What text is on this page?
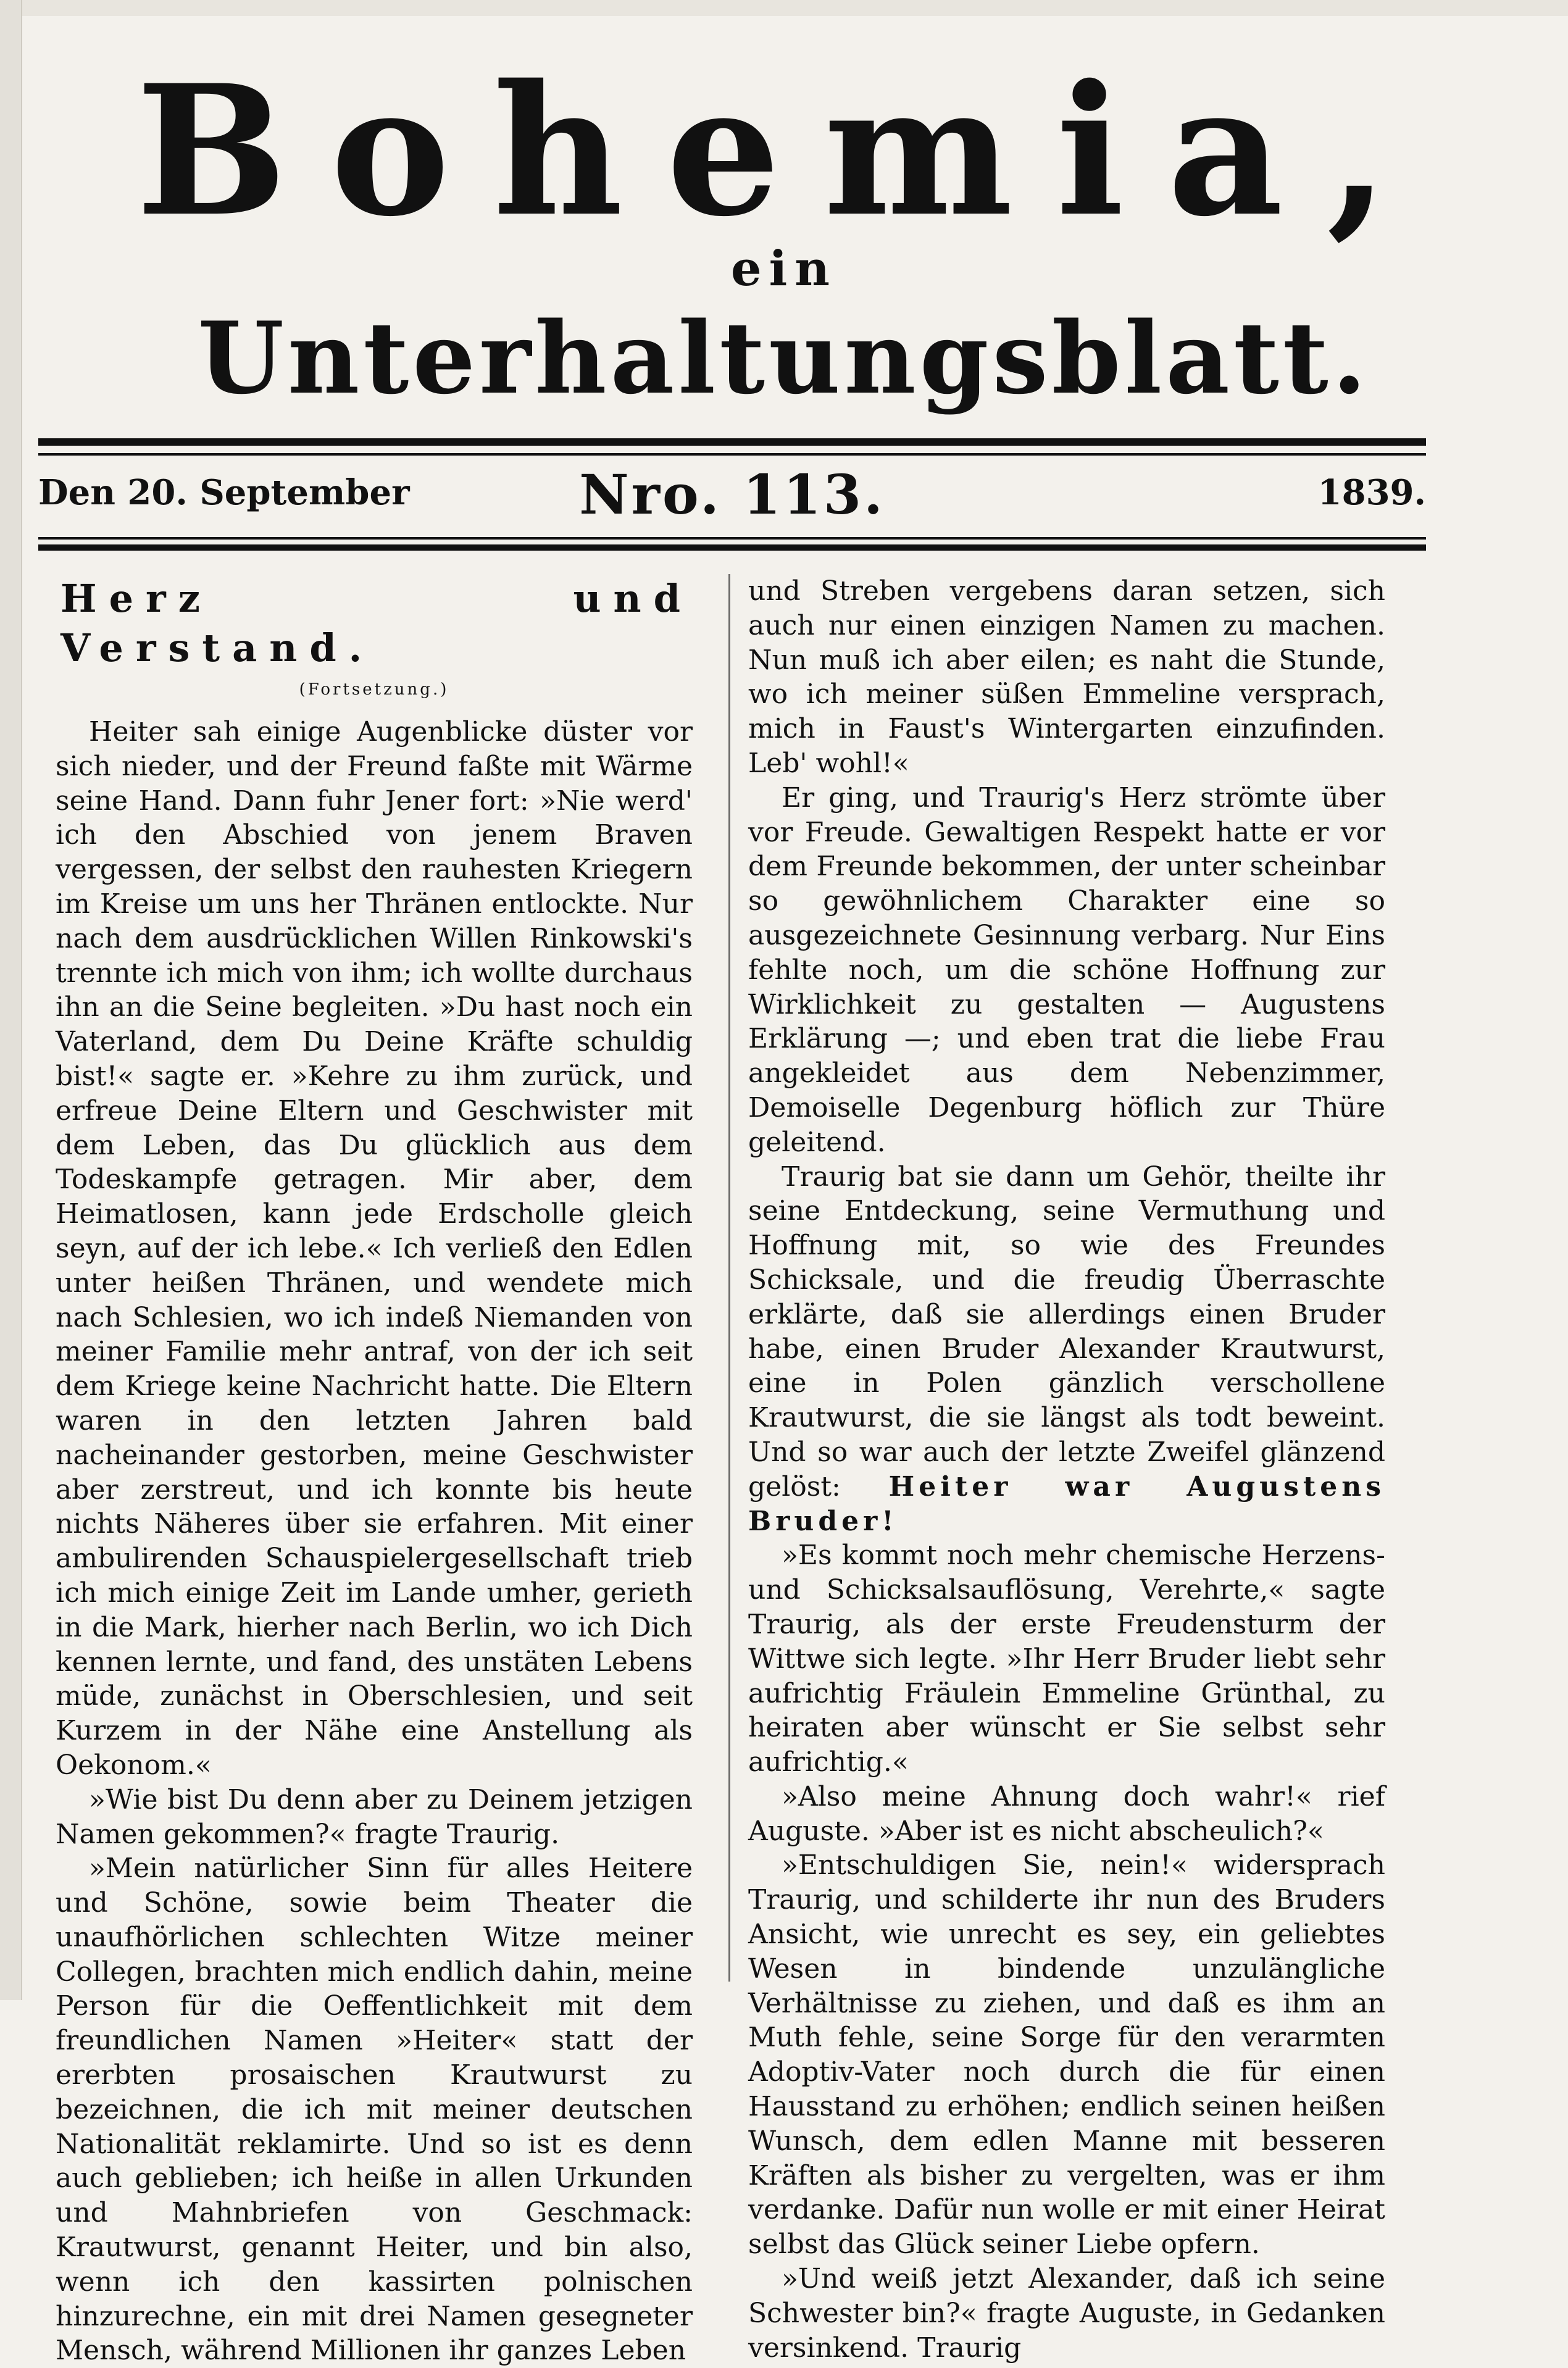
Bohemia,
ein
Unterhaltungsblatt.
Den 20. September	Nro. 113.	1839.
Herz und Verstand.
(Fortsetzung.)

Heiter sah einige Augenblicke düster vor sich nieder, und der Freund faßte mit Wärme seine Hand. Dann fuhr Jener fort: »Nie werd' ich den Abschied von jenem Braven vergessen, der selbst den rauhesten Kriegern im Kreise um uns her Thränen entlockte. Nur nach dem ausdrücklichen Willen Rinkowski's trennte ich mich von ihm; ich wollte durchaus ihn an die Seine begleiten. »Du hast noch ein Vaterland, dem Du Deine Kräfte schuldig bist!« sagte er. »Kehre zu ihm zurück, und erfreue Deine Eltern und Geschwister mit dem Leben, das Du glücklich aus dem Todeskampfe getragen. Mir aber, dem Heimatlosen, kann jede Erdscholle gleich seyn, auf der ich lebe.« Ich verließ den Edlen unter heißen Thränen, und wendete mich nach Schlesien, wo ich indeß Niemanden von meiner Familie mehr antraf, von der ich seit dem Kriege keine Nachricht hatte. Die Eltern waren in den letzten Jahren bald nacheinander gestorben, meine Geschwister aber zerstreut, und ich konnte bis heute nichts Näheres über sie erfahren. Mit einer ambulirenden Schauspielergesellschaft trieb ich mich einige Zeit im Lande umher, gerieth in die Mark, hierher nach Berlin, wo ich Dich kennen lernte, und fand, des unstäten Lebens müde, zunächst in Oberschlesien, und seit Kurzem in der Nähe eine Anstellung als Oekonom.«

»Wie bist Du denn aber zu Deinem jetzigen Namen gekommen?« fragte Traurig.

»Mein natürlicher Sinn für alles Heitere und Schöne, sowie beim Theater die unaufhörlichen schlechten Witze meiner Collegen, brachten mich endlich dahin, meine Person für die Oeffentlichkeit mit dem freundlichen Namen »Heiter« statt der ererbten prosaischen Krautwurst zu bezeichnen, die ich mit meiner deutschen Nationalität reklamirte. Und so ist es denn auch geblieben; ich heiße in allen Urkunden und Mahnbriefen von Geschmack: Krautwurst, genannt Heiter, und bin also, wenn ich den kassirten polnischen hinzurechne, ein mit drei Namen gesegneter Mensch, während Millionen ihr ganzes Leben

und Streben vergebens daran setzen, sich auch nur einen einzigen Namen zu machen. Nun muß ich aber eilen; es naht die Stunde, wo ich meiner süßen Emmeline versprach, mich in Faust's Wintergarten einzufinden. Leb' wohl!«

Er ging, und Traurig's Herz strömte über vor Freude. Gewaltigen Respekt hatte er vor dem Freunde bekommen, der unter scheinbar so gewöhnlichem Charakter eine so ausgezeichnete Gesinnung verbarg. Nur Eins fehlte noch, um die schöne Hoffnung zur Wirklichkeit zu gestalten — Augustens Erklärung —; und eben trat die liebe Frau angekleidet aus dem Nebenzimmer, Demoiselle Degenburg höflich zur Thüre geleitend.

Traurig bat sie dann um Gehör, theilte ihr seine Entdeckung, seine Vermuthung und Hoffnung mit, so wie des Freundes Schicksale, und die freudig Überraschte erklärte, daß sie allerdings einen Bruder habe, einen Bruder Alexander Krautwurst, eine in Polen gänzlich verschollene Krautwurst, die sie längst als todt beweint. Und so war auch der letzte Zweifel glänzend gelöst: Heiter war Augustens Bruder!

»Es kommt noch mehr chemische Herzens- und Schicksalsauflösung, Verehrte,« sagte Traurig, als der erste Freudensturm der Wittwe sich legte. »Ihr Herr Bruder liebt sehr aufrichtig Fräulein Emmeline Grünthal, zu heiraten aber wünscht er Sie selbst sehr aufrichtig.«

»Also meine Ahnung doch wahr!« rief Auguste. »Aber ist es nicht abscheulich?«

»Entschuldigen Sie, nein!« widersprach Traurig, und schilderte ihr nun des Bruders Ansicht, wie unrecht es sey, ein geliebtes Wesen in bindende unzulängliche Verhältnisse zu ziehen, und daß es ihm an Muth fehle, seine Sorge für den verarmten Adoptiv-Vater noch durch die für einen Hausstand zu erhöhen; endlich seinen heißen Wunsch, dem edlen Manne mit besseren Kräften als bisher zu vergelten, was er ihm verdanke. Dafür nun wolle er mit einer Heirat selbst das Glück seiner Liebe opfern.

»Und weiß jetzt Alexander, daß ich seine Schwester bin?« fragte Auguste, in Gedanken versinkend. Traurig
